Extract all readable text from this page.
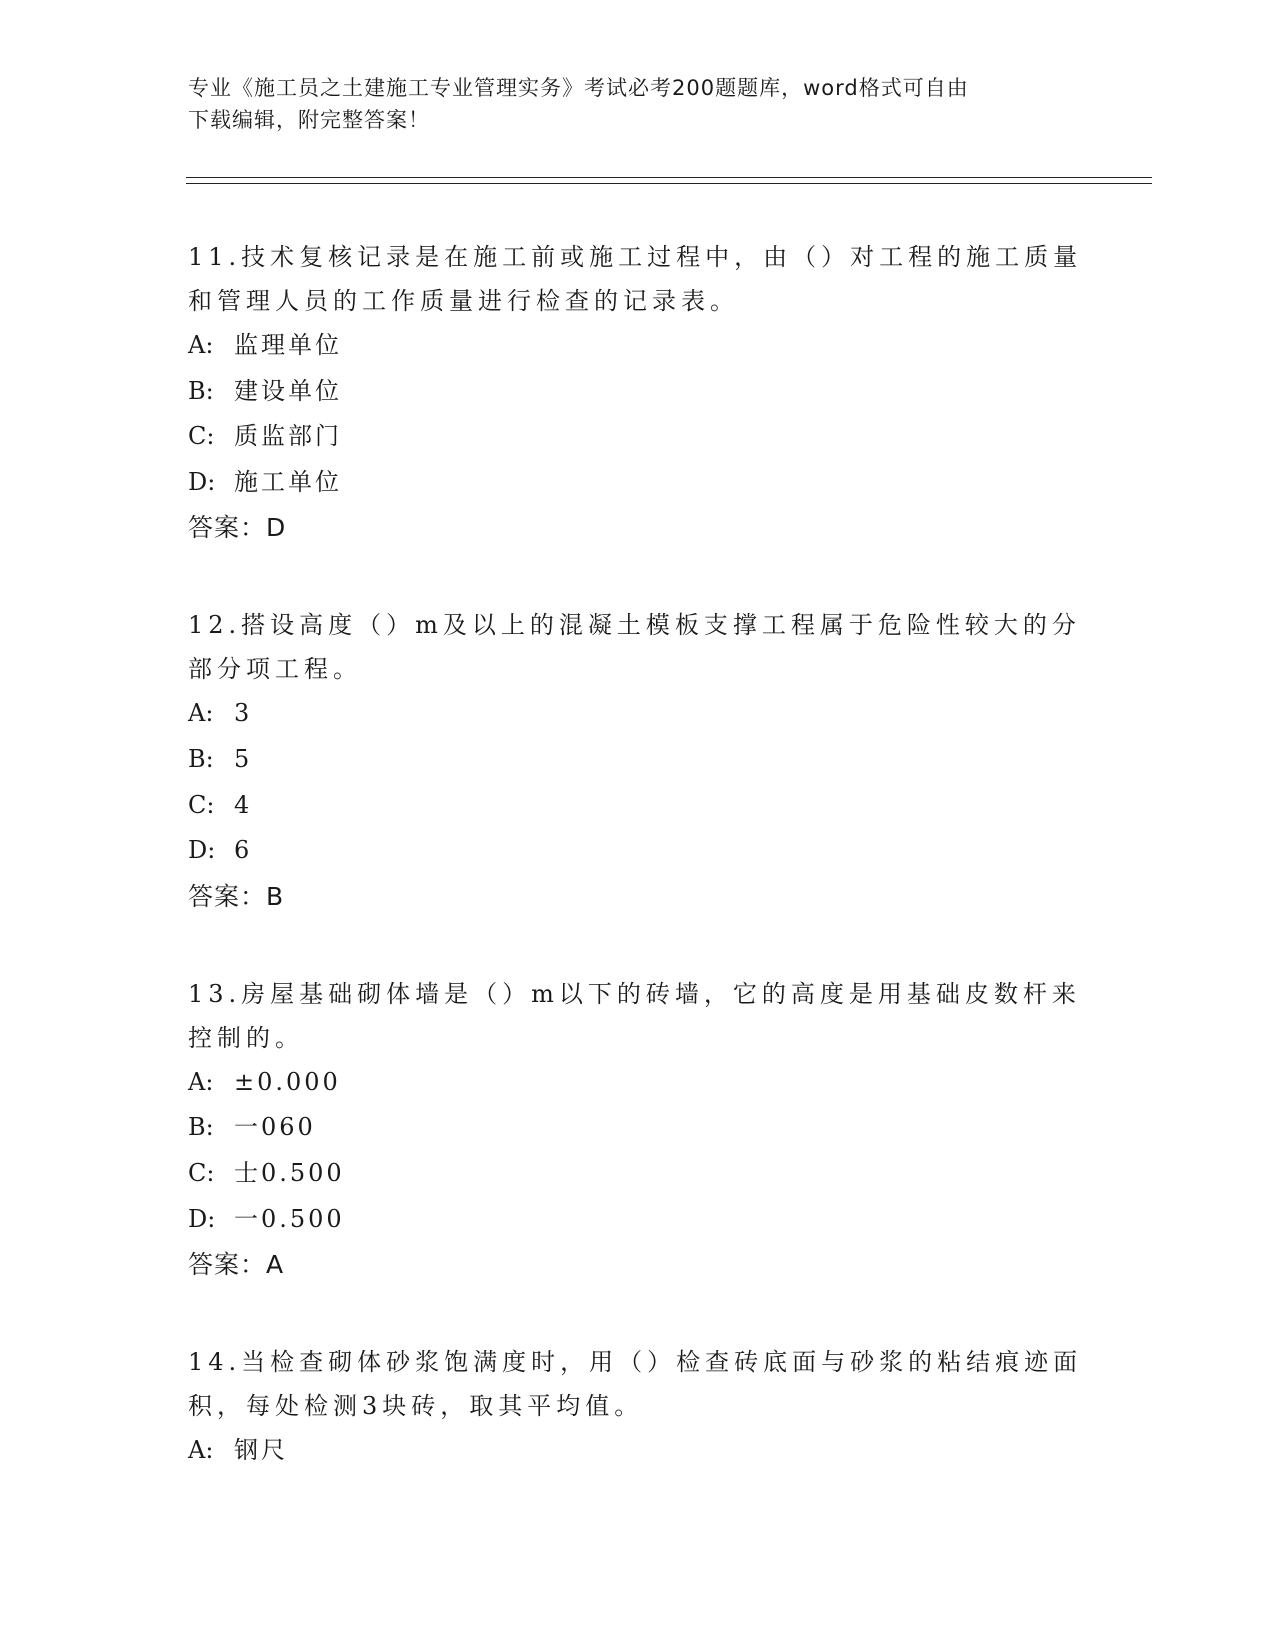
专业《施工员之土建施工专业管理实务》考试必考200题题库，word格式可自由
下载编辑，附完整答案！
11.技术复核记录是在施工前或施工过程中，由（）对工程的施工质量
和管理人员的工作质量进行检查的记录表。
A: 监理单位
B: 建设单位
C: 质监部门
D: 施工单位
答案：D
12.搭设高度（）m及以上的混凝土模板支撑工程属于危险性较大的分
部分项工程。
A: 3
B: 5
C: 4
D: 6
答案：B
13.房屋基础砌体墙是（）m以下的砖墙，它的高度是用基础皮数杆来
控制的。
A: ±0.000
B: 一060
C: 士0.500
D: 一0.500
答案：A
14.当检查砌体砂浆饱满度时，用（）检查砖底面与砂浆的粘结痕迹面
积，每处检测3块砖，取其平均值。
A: 钢尺
